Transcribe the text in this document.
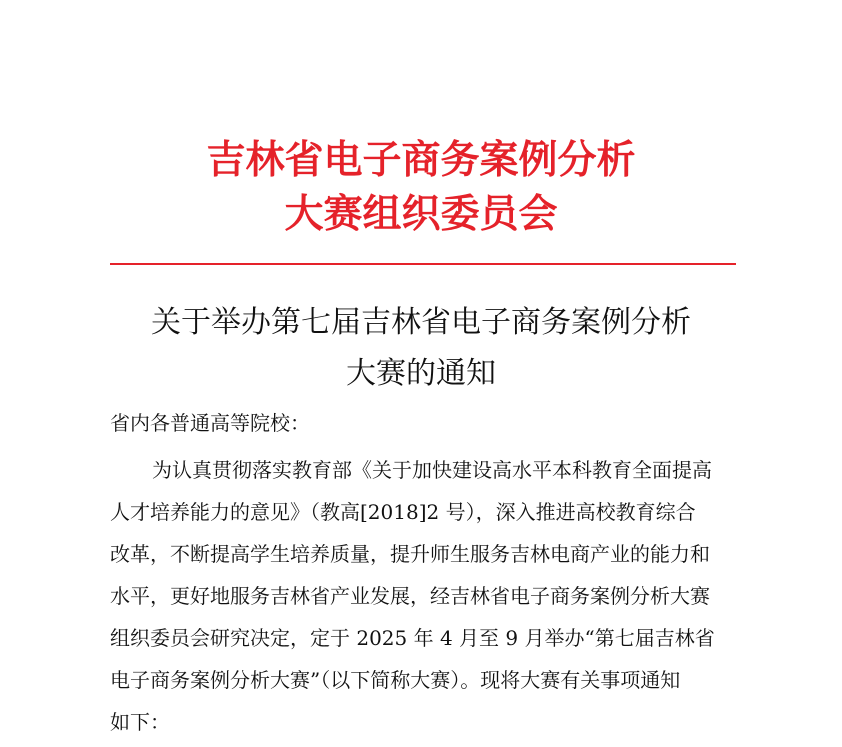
吉林省电子商务案例分析
大赛组织委员会
关于举办第七届吉林省电子商务案例分析
大赛的通知
省内各普通高等院校：
为认真贯彻落实教育部《关于加快建设高水平本科教育全面提高
人才培养能力的意见》（教高[2018]2 号），深入推进高校教育综合
改革，不断提高学生培养质量，提升师生服务吉林电商产业的能力和
水平，更好地服务吉林省产业发展，经吉林省电子商务案例分析大赛
组织委员会研究决定，定于 2025 年 4 月至 9 月举办“第七届吉林省
电子商务案例分析大赛”（以下简称大赛）。现将大赛有关事项通知
如下：
